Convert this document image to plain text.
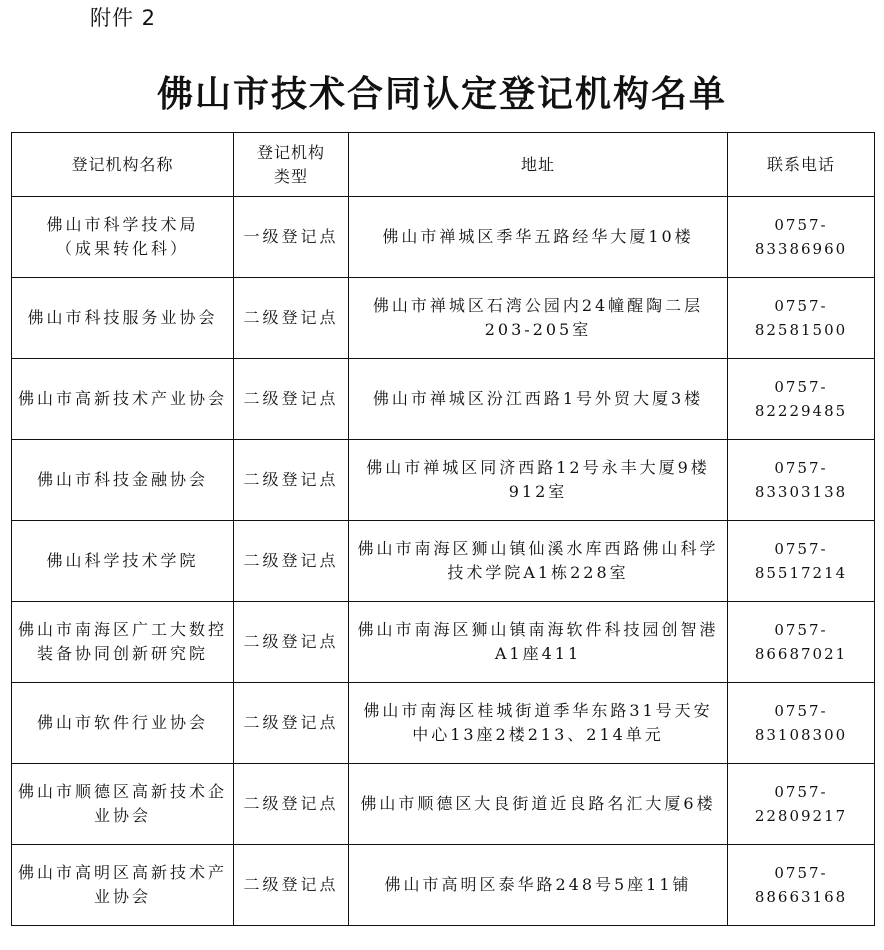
附件 2
佛山市技术合同认定登记机构名单
登记机构名称	登记机构类型	地址	联系电话
佛山市科学技术局（成果转化科）	一级登记点	佛山市禅城区季华五路经华大厦10楼	0757-83386960
佛山市科技服务业协会	二级登记点	佛山市禅城区石湾公园内24幢醒陶二层203-205室	0757-82581500
佛山市高新技术产业协会	二级登记点	佛山市禅城区汾江西路1号外贸大厦3楼	0757-82229485
佛山市科技金融协会	二级登记点	佛山市禅城区同济西路12号永丰大厦9楼912室	0757-83303138
佛山科学技术学院	二级登记点	佛山市南海区狮山镇仙溪水库西路佛山科学技术学院A1栋228室	0757-85517214
佛山市南海区广工大数控装备协同创新研究院	二级登记点	佛山市南海区狮山镇南海软件科技园创智港A1座411	0757-86687021
佛山市软件行业协会	二级登记点	佛山市南海区桂城街道季华东路31号天安中心13座2楼213、214单元	0757-83108300
佛山市顺德区高新技术企业协会	二级登记点	佛山市顺德区大良街道近良路名汇大厦6楼	0757-22809217
佛山市高明区高新技术产业协会	二级登记点	佛山市高明区泰华路248号5座11铺	0757-88663168
